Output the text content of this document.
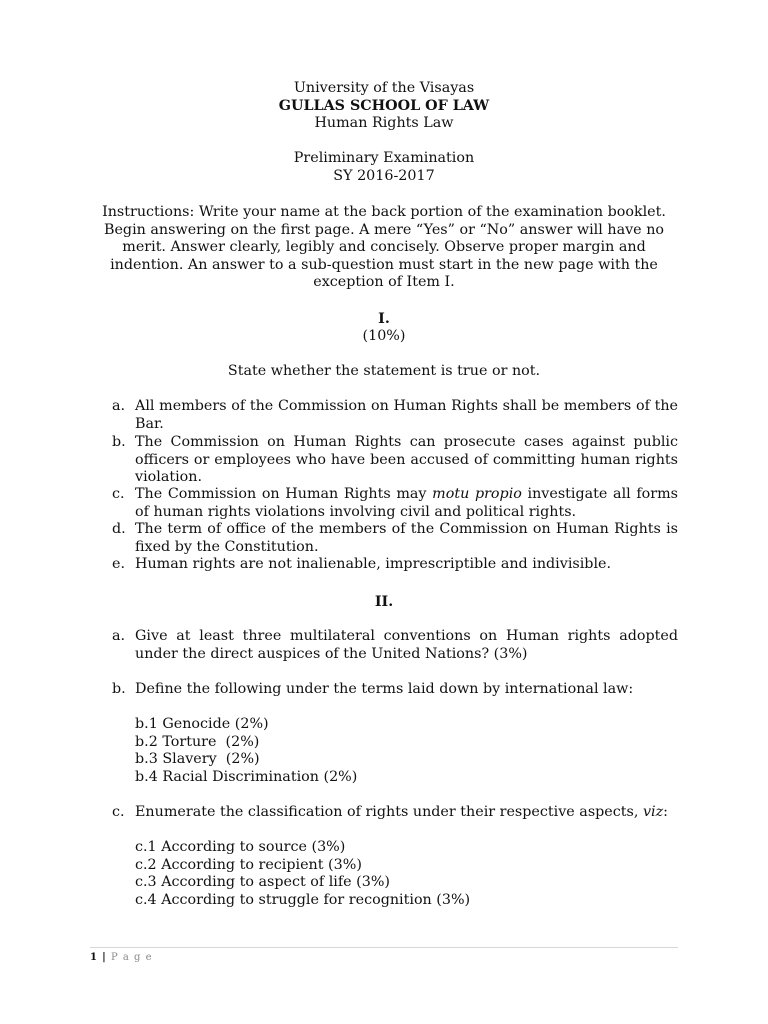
University of the Visayas
GULLAS SCHOOL OF LAW
Human Rights Law
Preliminary Examination
SY 2016-2017
Instructions: Write your name at the back portion of the examination booklet. Begin answering on the first page. A mere “Yes” or “No” answer will have no merit. Answer clearly, legibly and concisely. Observe proper margin and indention. An answer to a sub-question must start in the new page with the exception of Item I.
I.
(10%)
State whether the statement is true or not.
a. All members of the Commission on Human Rights shall be members of the Bar.
b. The Commission on Human Rights can prosecute cases against public officers or employees who have been accused of committing human rights violation.
c. The Commission on Human Rights may motu propio investigate all forms of human rights violations involving civil and political rights.
d. The term of office of the members of the Commission on Human Rights is fixed by the Constitution.
e. Human rights are not inalienable, imprescriptible and indivisible.
II.
a. Give at least three multilateral conventions on Human rights adopted under the direct auspices of the United Nations? (3%)
b. Define the following under the terms laid down by international law:
b.1 Genocide (2%)
b.2 Torture  (2%)
b.3 Slavery  (2%)
b.4 Racial Discrimination (2%)
c. Enumerate the classification of rights under their respective aspects, viz:
c.1 According to source (3%)
c.2 According to recipient (3%)
c.3 According to aspect of life (3%)
c.4 According to struggle for recognition (3%)
1 | P a g e
